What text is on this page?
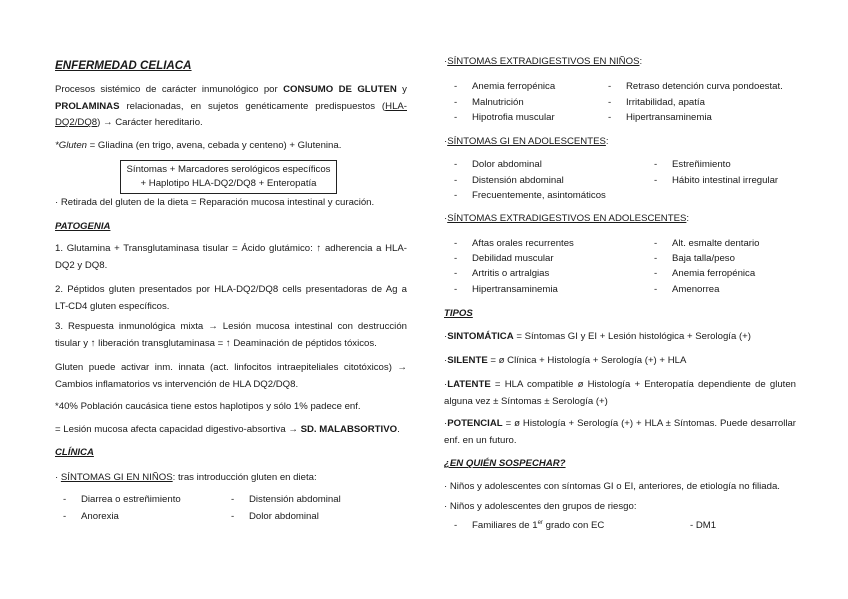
ENFERMEDAD CELIACA
Procesos sistémico de carácter inmunológico por CONSUMO DE GLUTEN y PROLAMINAS relacionadas, en sujetos genéticamente predispuestos (HLA-DQ2/DQ8) → Carácter hereditario.
*Gluten = Gliadina (en trigo, avena, cebada y centeno) + Glutenina.
Síntomas + Marcadores serológicos específicos
+ Haplotipo HLA-DQ2/DQ8 + Enteropatía
· Retirada del gluten de la dieta = Reparación mucosa intestinal y curación.
PATOGENIA
1. Glutamina + Transglutaminasa tisular = Ácido glutámico: ↑ adherencia a HLA-DQ2 y DQ8.
2. Péptidos gluten presentados por HLA-DQ2/DQ8 cells presentadoras de Ag a LT-CD4 gluten específicos.
3. Respuesta inmunológica mixta → Lesión mucosa intestinal con destrucción tisular y ↑ liberación transglutaminasa = ↑ Deaminación de péptidos tóxicos.
Gluten puede activar inm. innata (act. linfocitos intraepiteliales citotóxicos) → Cambios inflamatorios vs intervención de HLA DQ2/DQ8.
*40% Población caucásica tiene estos haplotipos y sólo 1% padece enf.
= Lesión mucosa afecta capacidad digestivo-absortiva → SD. MALABSORTIVO.
CLÍNICA
· SÍNTOMAS GI EN NIÑOS: tras introducción gluten en dieta:
- Diarrea o estreñimiento	- Distensión abdominal
- Anorexia	- Dolor abdominal
·SÍNTOMAS EXTRADIGESTIVOS EN NIÑOS:
- Anemia ferropénica	- Retraso detención curva pondoestat.
- Malnutrición	- Irritabilidad, apatía
- Hipotrofia muscular	- Hipertransaminemia
·SÍNTOMAS GI EN ADOLESCENTES:
- Dolor abdominal	- Estreñimiento
- Distensión abdominal	- Hábito intestinal irregular
- Frecuentemente, asintomáticos
·SÍNTOMAS EXTRADIGESTIVOS EN ADOLESCENTES:
- Aftas orales recurrentes	- Alt. esmalte dentario
- Debilidad muscular	- Baja talla/peso
- Artritis o artralgias	- Anemia ferropénica
- Hipertransaminemia	- Amenorrea
TIPOS
·SINTOMÁTICA = Síntomas GI y EI + Lesión histológica + Serología (+)
·SILENTE = ø Clínica + Histología + Serología (+) + HLA
·LATENTE = HLA compatible ø Histología + Enteropatía dependiente de gluten alguna vez ± Síntomas ± Serología (+)
·POTENCIAL = ø Histología + Serología (+) + HLA ± Síntomas. Puede desarrollar enf. en un futuro.
¿EN QUIÉN SOSPECHAR?
· Niños y adolescentes con síntomas GI o EI, anteriores, de etiología no filiada.
· Niños y adolescentes den grupos de riesgo:
- Familiares de 1er grado con EC	- DM1
